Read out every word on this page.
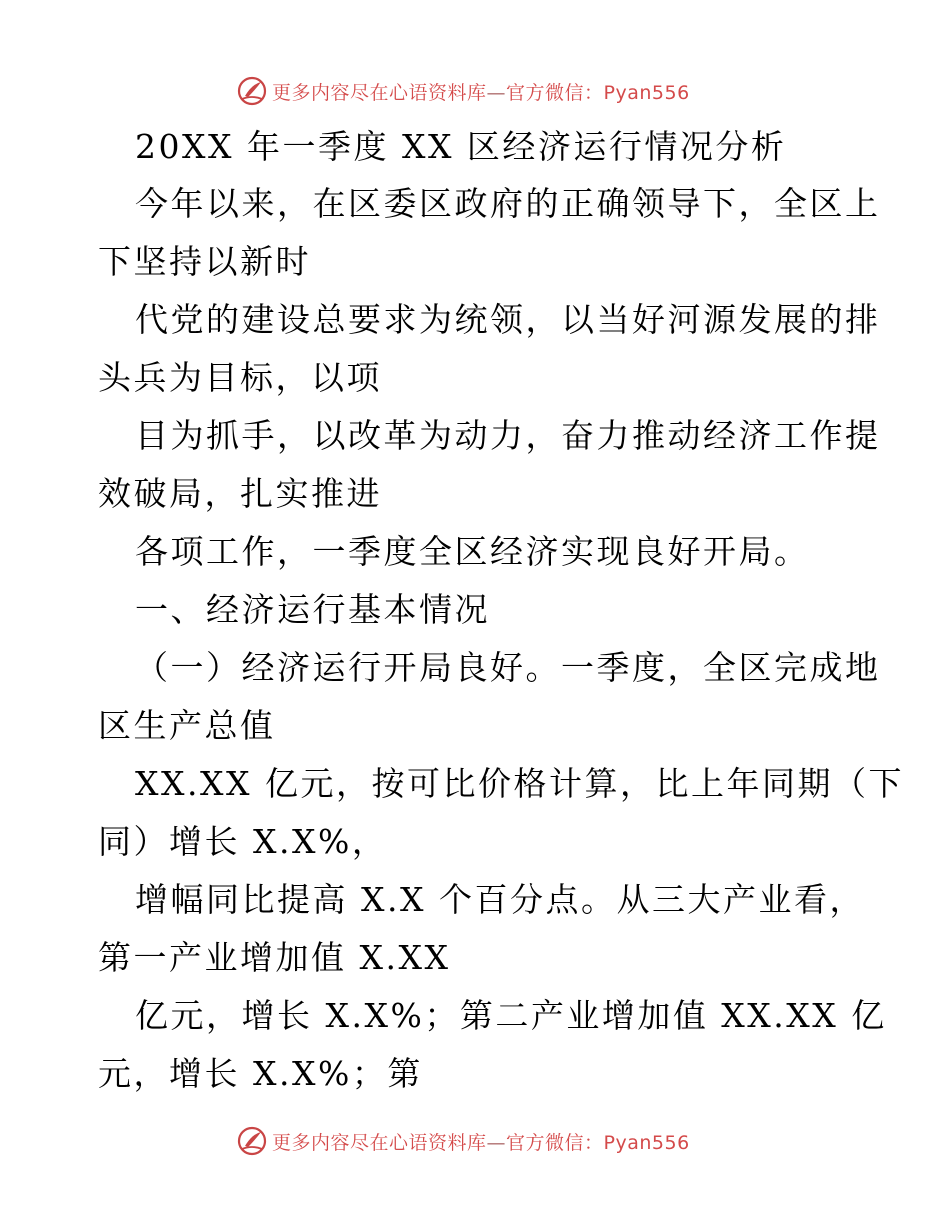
更多内容尽在心语资料库—官方微信：Pyan556
20XX 年一季度 XX 区经济运行情况分析
今年以来，在区委区政府的正确领导下，全区上
下坚持以新时
代党的建设总要求为统领，以当好河源发展的排
头兵为目标，以项
目为抓手，以改革为动力，奋力推动经济工作提
效破局，扎实推进
各项工作，一季度全区经济实现良好开局。
一、经济运行基本情况
（一）经济运行开局良好。一季度，全区完成地
区生产总值
XX.XX 亿元，按可比价格计算，比上年同期（下
同）增长 X.X%，
增幅同比提高 X.X 个百分点。从三大产业看，
第一产业增加值 X.XX
亿元，增长 X.X%；第二产业增加值 XX.XX 亿
元，增长 X.X%；第
更多内容尽在心语资料库—官方微信：Pyan556
